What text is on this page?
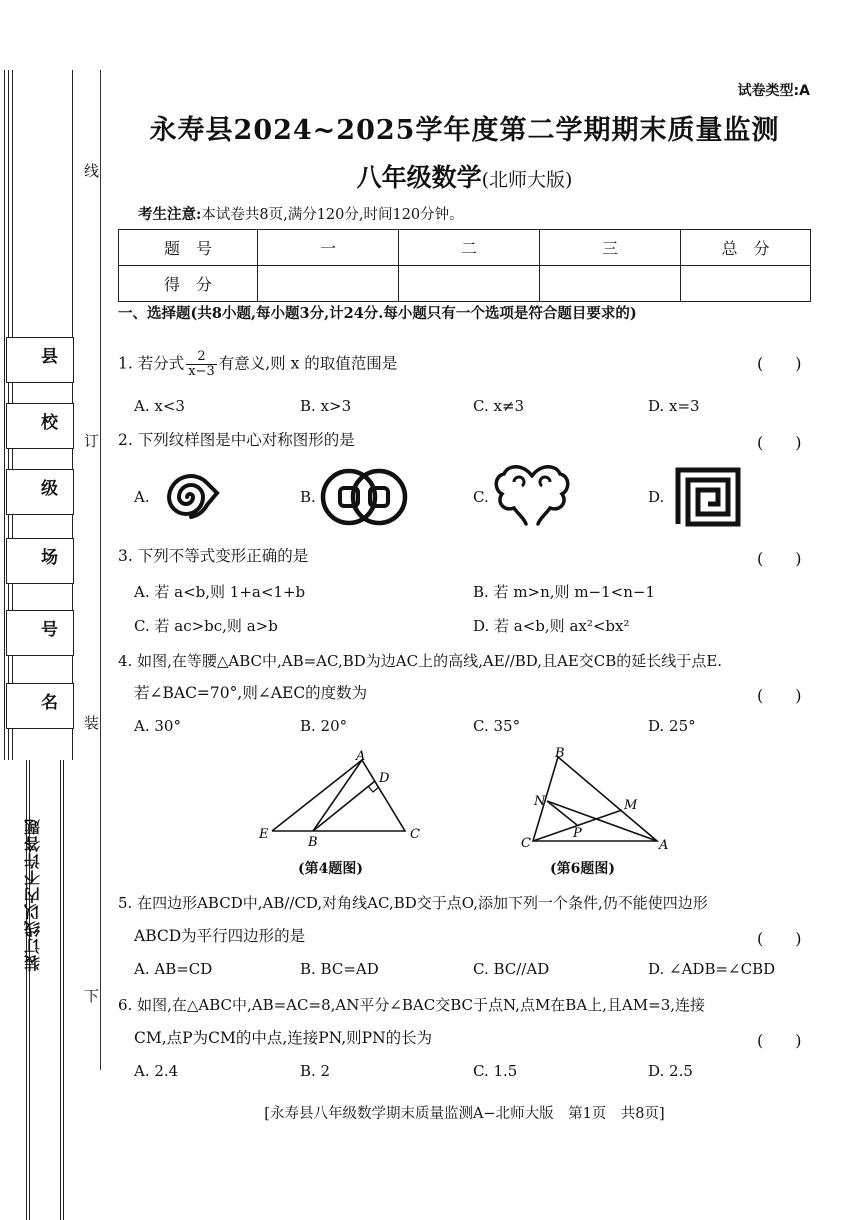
县
校
级
场
号
名
线
订
装
下
装订线以内不许答题
试卷类型:A
永寿县2024~2025学年度第二学期期末质量监测
八年级数学(北师大版)
考生注意:本试卷共8页,满分120分,时间120分钟。
题　号	一	二	三	总　分
得　分				
一、选择题(共8小题,每小题3分,计24分.每小题只有一个选项是符合题目要求的)
1. 若分式 $\frac{2}{x-3}$ 有意义,则 x 的取值范围是	(　　)
A. x<3	B. x>3	C. x≠3	D. x=3
2. 下列纹样图是中心对称图形的是	(　　)
A.	B.	C.	D.
3. 下列不等式变形正确的是	(　　)
A. 若 a<b,则 1+a<1+b	B. 若 m>n,则 m−1<n−1
C. 若 ac>bc,则 a>b	D. 若 a<b,则 ax²<bx²
4. 如图,在等腰△ABC中,AB=AC,BD为边AC上的高线,AE//BD,且AE交CB的延长线于点E.
若∠BAC=70°,则∠AEC的度数为	(　　)
A. 30°	B. 20°	C. 35°	D. 25°
A
D
E
B
C
(第4题图)
B
N	M
P
C	A
(第6题图)
5. 在四边形ABCD中,AB//CD,对角线AC,BD交于点O,添加下列一个条件,仍不能使四边形
ABCD为平行四边形的是	(　　)
A. AB=CD	B. BC=AD	C. BC//AD	D. ∠ADB=∠CBD
6. 如图,在△ABC中,AB=AC=8,AN平分∠BAC交BC于点N,点M在BA上,且AM=3,连接
CM,点P为CM的中点,连接PN,则PN的长为	(　　)
A. 2.4	B. 2	C. 1.5	D. 2.5
[永寿县八年级数学期末质量监测A−北师大版　第1页　共8页]
